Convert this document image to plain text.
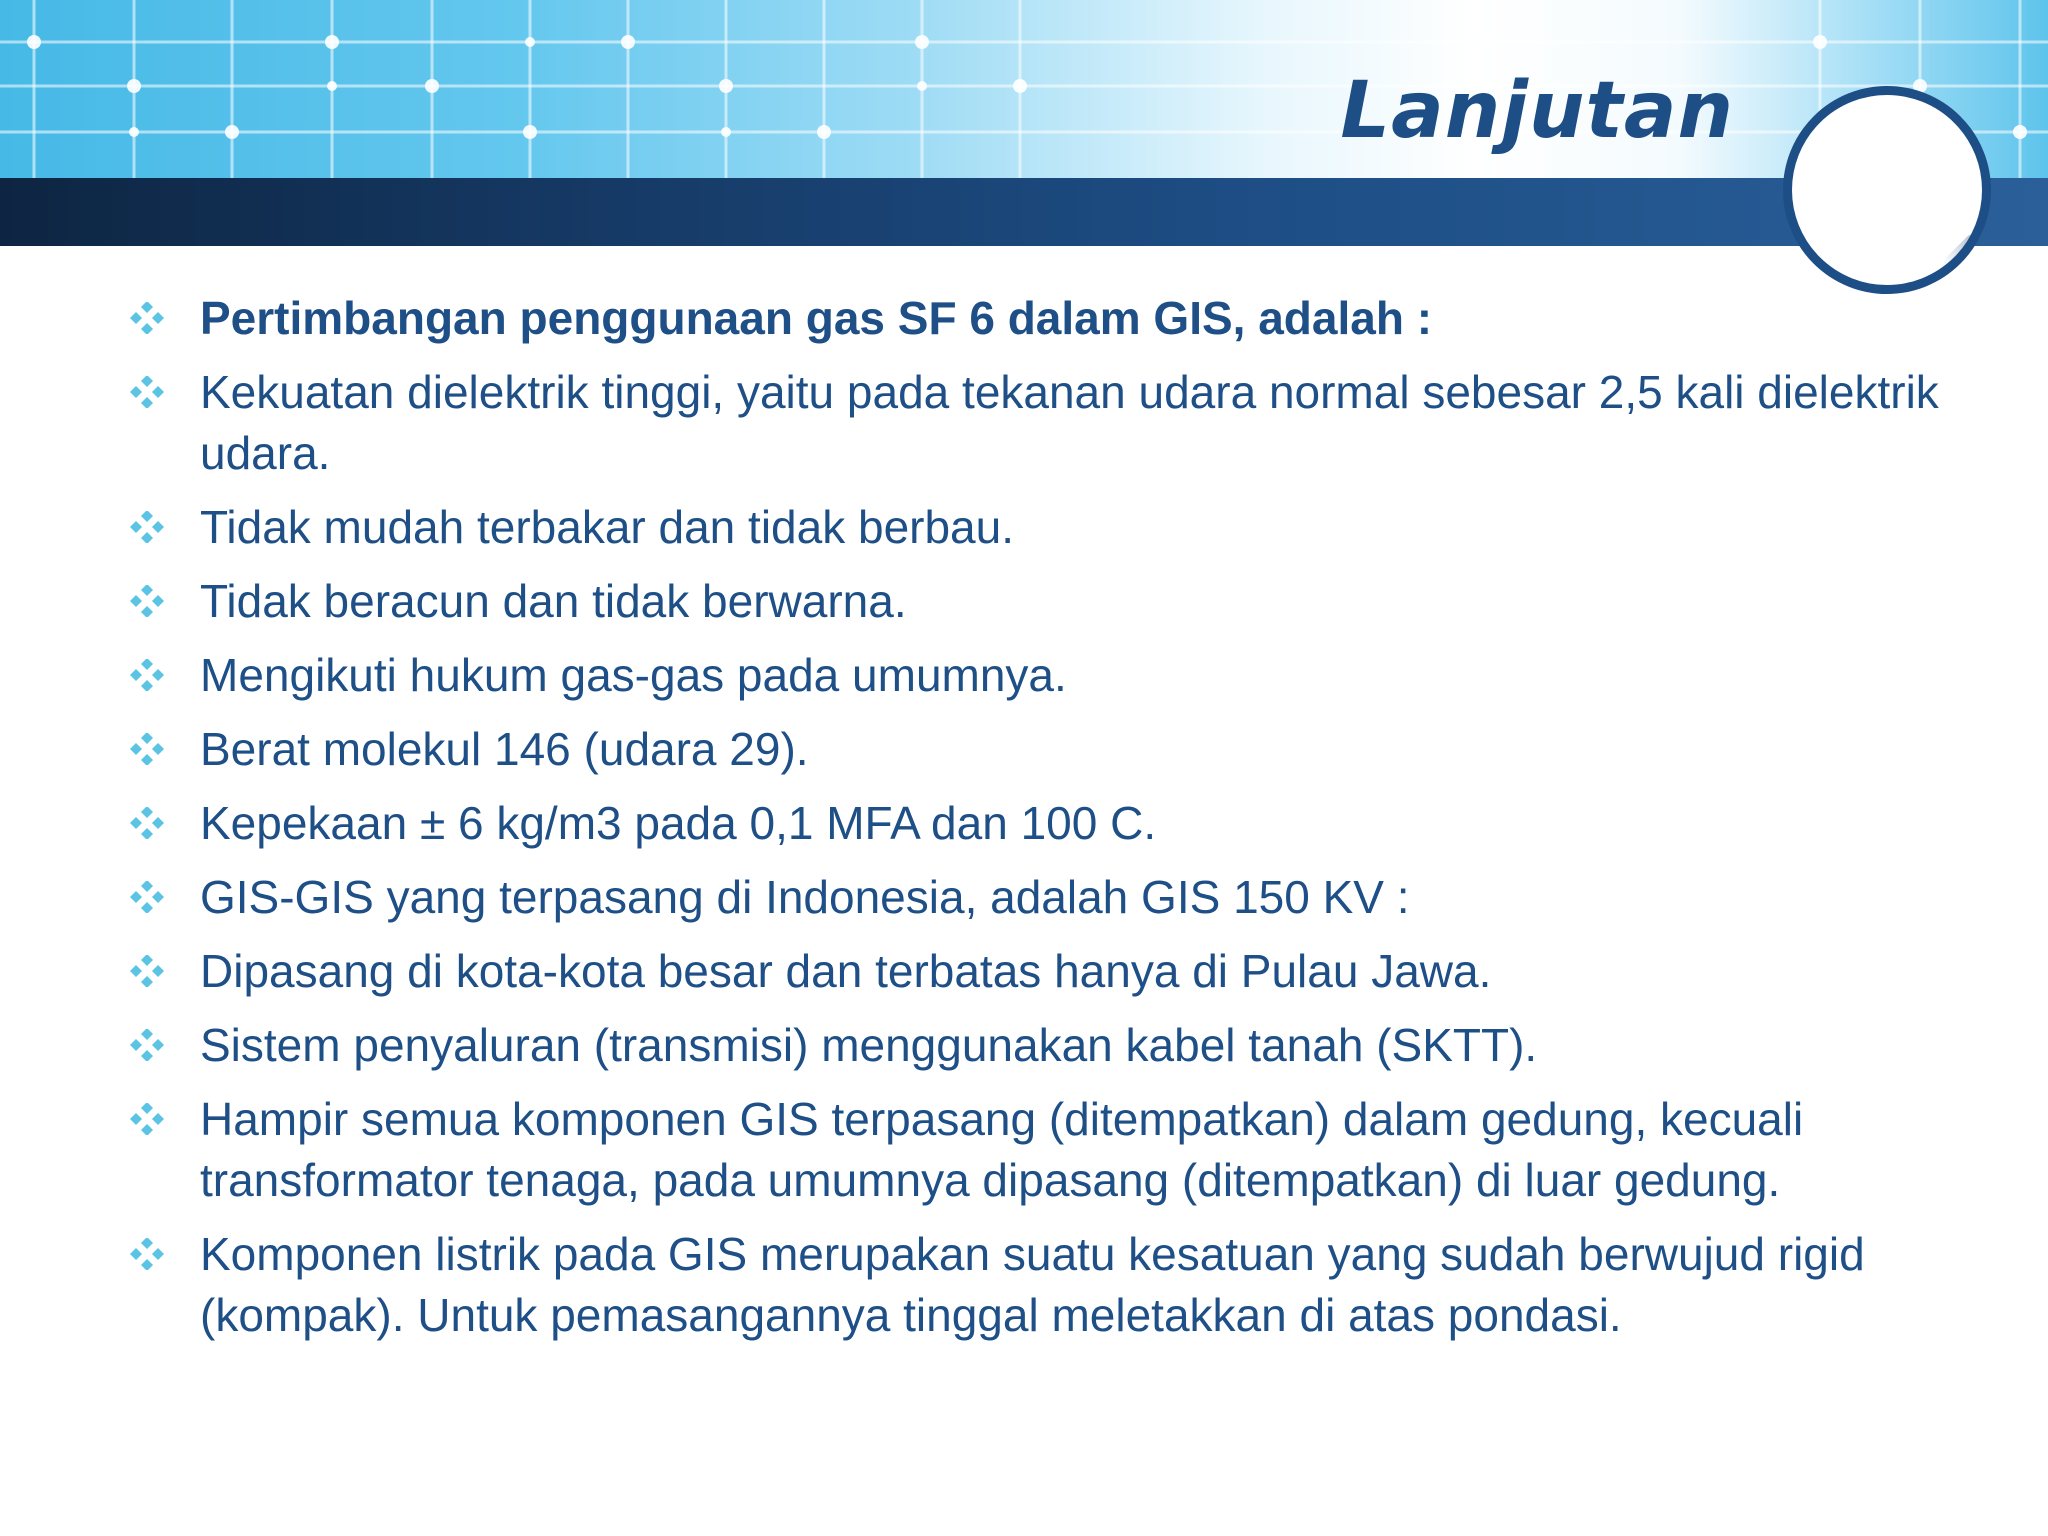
Lanjutan
Pertimbangan penggunaan gas SF 6 dalam GIS, adalah :
Kekuatan dielektrik tinggi, yaitu pada tekanan udara normal sebesar 2,5 kali dielektrik udara.
Tidak mudah terbakar dan tidak berbau.
Tidak beracun dan tidak berwarna.
Mengikuti hukum gas-gas pada umumnya.
Berat molekul 146 (udara 29).
Kepekaan ± 6 kg/m3 pada 0,1 MFA dan 100 C.
GIS-GIS yang terpasang di Indonesia, adalah GIS 150 KV :
Dipasang di kota-kota besar dan terbatas hanya di Pulau Jawa.
Sistem penyaluran (transmisi) menggunakan kabel tanah (SKTT).
Hampir semua komponen GIS terpasang (ditempatkan) dalam gedung, kecuali transformator tenaga, pada umumnya dipasang (ditempatkan) di luar gedung.
Komponen listrik pada GIS merupakan suatu kesatuan yang sudah berwujud rigid (kompak). Untuk pemasangannya tinggal meletakkan di atas pondasi.
